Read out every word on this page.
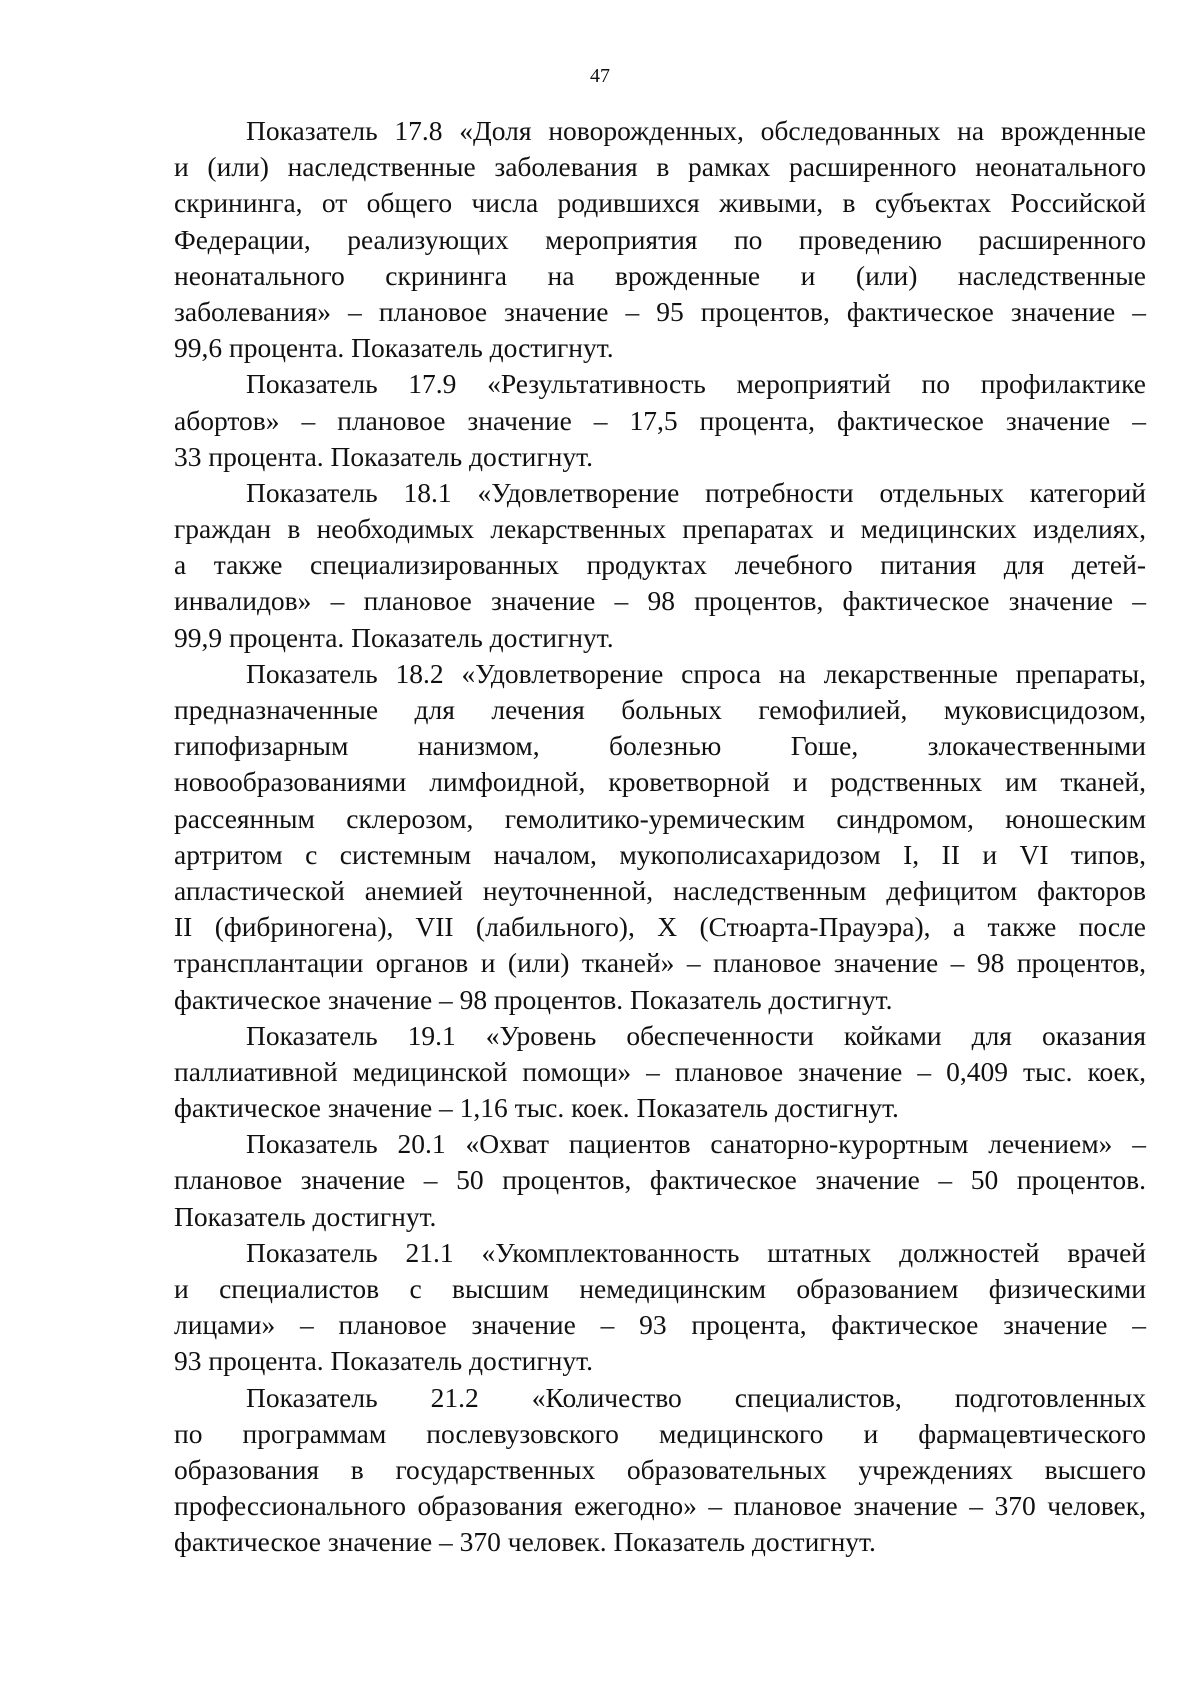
47
Показатель 17.8 «Доля новорожденных, обследованных на врожденные
и (или) наследственные заболевания в рамках расширенного неонатального
скрининга, от общего числа родившихся живыми, в субъектах Российской
Федерации, реализующих мероприятия по проведению расширенного
неонатального скрининга на врожденные и (или) наследственные
заболевания» – плановое значение – 95 процентов, фактическое значение –
99,6 процента. Показатель достигнут.
Показатель 17.9 «Результативность мероприятий по профилактике
абортов» – плановое значение – 17,5 процента, фактическое значение –
33 процента. Показатель достигнут.
Показатель 18.1 «Удовлетворение потребности отдельных категорий
граждан в необходимых лекарственных препаратах и медицинских изделиях,
а также специализированных продуктах лечебного питания для детей-
инвалидов» – плановое значение – 98 процентов, фактическое значение –
99,9 процента. Показатель достигнут.
Показатель 18.2 «Удовлетворение спроса на лекарственные препараты,
предназначенные для лечения больных гемофилией, муковисцидозом,
гипофизарным нанизмом, болезнью Гоше, злокачественными
новообразованиями лимфоидной, кроветворной и родственных им тканей,
рассеянным склерозом, гемолитико-уремическим синдромом, юношеским
артритом с системным началом, мукополисахаридозом I, II и VI типов,
апластической анемией неуточненной, наследственным дефицитом факторов
II (фибриногена), VII (лабильного), X (Стюарта-Прауэра), а также после
трансплантации органов и (или) тканей» – плановое значение – 98 процентов,
фактическое значение – 98 процентов. Показатель достигнут.
Показатель 19.1 «Уровень обеспеченности койками для оказания
паллиативной медицинской помощи» – плановое значение – 0,409 тыс. коек,
фактическое значение – 1,16 тыс. коек. Показатель достигнут.
Показатель 20.1 «Охват пациентов санаторно-курортным лечением» –
плановое значение – 50 процентов, фактическое значение – 50 процентов.
Показатель достигнут.
Показатель 21.1 «Укомплектованность штатных должностей врачей
и специалистов с высшим немедицинским образованием физическими
лицами» – плановое значение – 93 процента, фактическое значение –
93 процента. Показатель достигнут.
Показатель 21.2 «Количество специалистов, подготовленных
по программам послевузовского медицинского и фармацевтического
образования в государственных образовательных учреждениях высшего
профессионального образования ежегодно» – плановое значение – 370 человек,
фактическое значение – 370 человек. Показатель достигнут.
